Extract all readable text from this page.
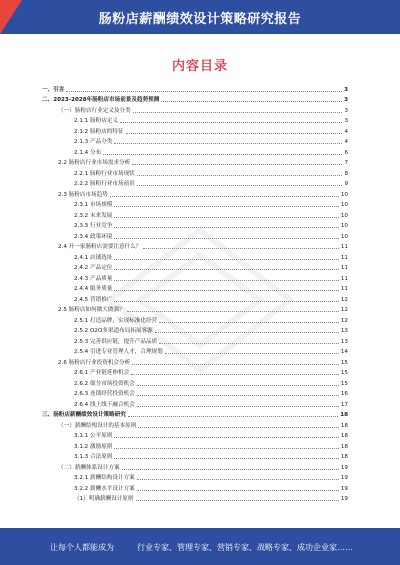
肠粉店薪酬绩效设计策略研究报告
内容目录
一、引言	3
二、2023-2028年肠粉店市场前景及趋势预测	3
（一）肠粉店行业定义及分类	3
2.1.1 肠粉店定义	3
2.1.2 肠粉店的特征	4
2.1.3 产品分类	4
2.1.4 分布	6
2.2 肠粉店行业市场需求分析	7
2.2.1 肠粉行业市场现状	8
2.2.2 肠粉行业市场前景	9
2.3 肠粉店市场趋势	10
2.3.1 市场规模	10
2.3.2 未来发展	10
2.3.3 行业竞争	10
2.3.4 政策环境	10
2.4 开一家肠粉店需要注意什么？	11
2.4.1 店铺选址	11
2.4.2 产品定位	11
2.4.3 产品质量	11
2.4.4 服务质量	11
2.4.5 营销推广	12
2.5 肠粉店如何做大做强？	12
2.5.1 打造品牌，实现标准化经营	12
2.5.2 O2O多渠道布局拓展客源	13
2.5.3 完善供应链，提升产品品质	13
2.5.4 引进专业管理人才，合理规划	14
2.6 肠粉店行业投资机会分析	15
2.6.1 产业链延伸机会	15
2.6.2 细分市场投资机会	15
2.6.3 连锁经营投资机会	16
2.6.4 线上线下融合机会	17
三、肠粉店薪酬绩效设计策略研究	18
（一）薪酬结构设计的基本原则	18
3.1.1 公平原则	18
3.1.2 激励原则	18
3.1.3 合法原则	18
（二）薪酬体系设计方案	19
3.2.1 薪酬结构设计方案	19
3.2.2 薪酬水平设计方案	19
（1）明确薪酬设计原则	19
让每个人都能成为	行业专家、管理专家、营销专家、战略专家、成功企业家……
